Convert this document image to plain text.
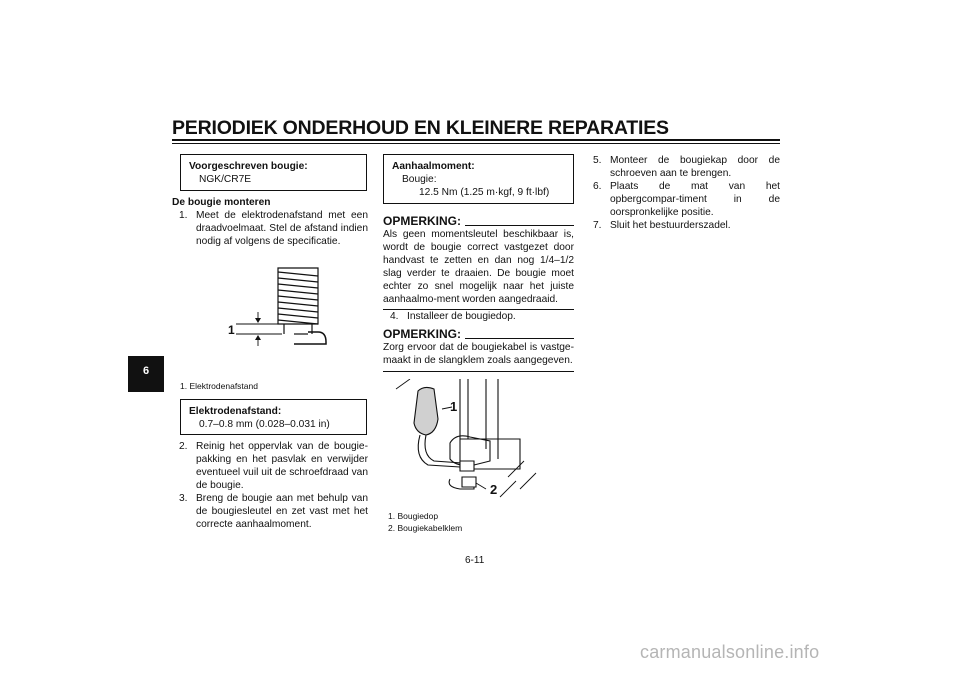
PERIODIEK ONDERHOUD EN KLEINERE REPARATIES
6
Voorgeschreven bougie:
NGK/CR7E
De bougie monteren
1. Meet de elektrodenafstand met een draadvoelmaat. Stel de afstand indien nodig af volgens de specificatie.
1
1. Elektrodenafstand
Elektrodenafstand:
0.7–0.8 mm (0.028–0.031 in)
2. Reinig het oppervlak van de bougie-pakking en het pasvlak en verwijder eventueel vuil uit de schroefdraad van de bougie.
3. Breng de bougie aan met behulp van de bougiesleutel en zet vast met het correcte aanhaalmoment.
Aanhaalmoment:
Bougie:
12.5 Nm (1.25 m·kgf, 9 ft·lbf)
OPMERKING:
Als geen momentsleutel beschikbaar is, wordt de bougie correct vastgezet door handvast te zetten en dan nog 1/4–1/2 slag verder te draaien. De bougie moet echter zo snel mogelijk naar het juiste aanhaalmo-ment worden aangedraaid.
4. Installeer de bougiedop.
OPMERKING:
Zorg ervoor dat de bougiekabel is vastge-maakt in de slangklem zoals aangegeven.
1
2
1. Bougiedop
2. Bougiekabelklem
5. Monteer de bougiekap door de schroeven aan te brengen.
6. Plaats de mat van het opbergcompar-timent in de oorspronkelijke positie.
7. Sluit het bestuurderszadel.
6-11
carmanualsonline.info
